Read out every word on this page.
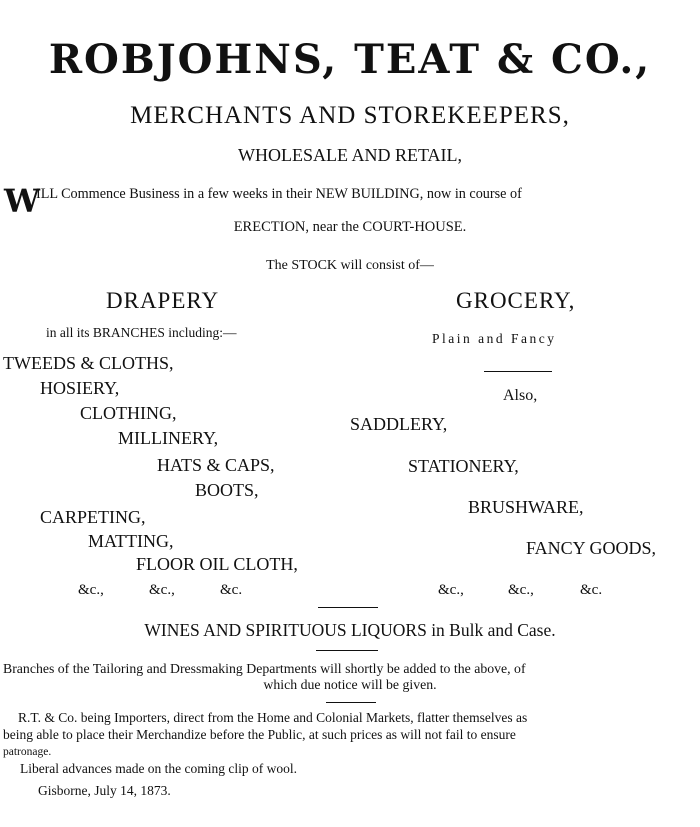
ROBJOHNS, TEAT & CO.,
MERCHANTS AND STOREKEEPERS,
WHOLESALE AND RETAIL,
W
ILL Commence Business in a few weeks in their NEW BUILDING, now in course of
ERECTION, near the COURT-HOUSE.
The STOCK will consist of—
DRAPERY
in all its BRANCHES including:—
TWEEDS & CLOTHS,
HOSIERY,
CLOTHING,
MILLINERY,
HATS & CAPS,
BOOTS,
CARPETING,
MATTING,
FLOOR OIL CLOTH,
&c.,	&c.,	&c.
GROCERY,
Plain and Fancy
Also,
SADDLERY,
STATIONERY,
BRUSHWARE,
FANCY GOODS,
&c.,	&c.,	&c.
WINES AND SPIRITUOUS LIQUORS in Bulk and Case.
Branches of the Tailoring and Dressmaking Departments will shortly be added to the above, of
which due notice will be given.
R.T. & Co. being Importers, direct from the Home and Colonial Markets, flatter themselves as
being able to place their Merchandize before the Public, at such prices as will not fail to ensure
patronage.
Liberal advances made on the coming clip of wool.
Gisborne, July 14, 1873.
